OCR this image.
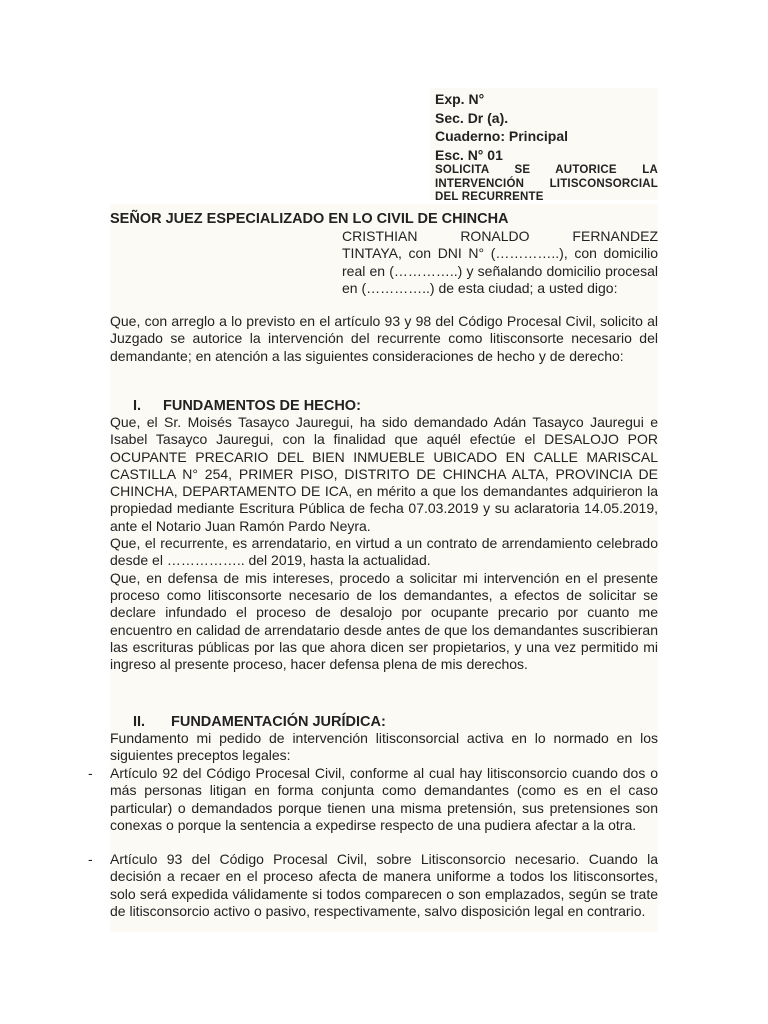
Exp. N°
Sec. Dr (a).
Cuaderno: Principal
Esc. N° 01
SOLICITA SE AUTORICE LA INTERVENCIÓN LITISCONSORCIAL DEL RECURRENTE
SEÑOR JUEZ ESPECIALIZADO EN LO CIVIL DE CHINCHA
CRISTHIAN RONALDO FERNANDEZ
TINTAYA, con DNI N° (…………..), con domicilio real en (…………..) y señalando domicilio procesal en (…………..) de esta ciudad; a usted digo:
Que, con arreglo a lo previsto en el artículo 93 y 98 del Código Procesal Civil, solicito al Juzgado se autorice la intervención del recurrente como litisconsorte necesario del demandante; en atención a las siguientes consideraciones de hecho y de derecho:
I. FUNDAMENTOS DE HECHO:
Que, el Sr. Moisés Tasayco Jauregui, ha sido demandado Adán Tasayco Jauregui e Isabel Tasayco Jauregui, con la finalidad que aquél efectúe el DESALOJO POR OCUPANTE PRECARIO DEL BIEN INMUEBLE UBICADO EN CALLE MARISCAL CASTILLA N° 254, PRIMER PISO, DISTRITO DE CHINCHA ALTA, PROVINCIA DE CHINCHA, DEPARTAMENTO DE ICA, en mérito a que los demandantes adquirieron la propiedad mediante Escritura Pública de fecha 07.03.2019 y su aclaratoria 14.05.2019, ante el Notario Juan Ramón Pardo Neyra.
Que, el recurrente, es arrendatario, en virtud a un contrato de arrendamiento celebrado desde el …………….. del 2019, hasta la actualidad.
Que, en defensa de mis intereses, procedo a solicitar mi intervención en el presente proceso como litisconsorte necesario de los demandantes, a efectos de solicitar se declare infundado el proceso de desalojo por ocupante precario por cuanto me encuentro en calidad de arrendatario desde antes de que los demandantes suscribieran las escrituras públicas por las que ahora dicen ser propietarios, y una vez permitido mi ingreso al presente proceso, hacer defensa plena de mis derechos.
II. FUNDAMENTACIÓN JURÍDICA:
Fundamento mi pedido de intervención litisconsorcial activa en lo normado en los siguientes preceptos legales:
- Artículo 92 del Código Procesal Civil, conforme al cual hay litisconsorcio cuando dos o más personas litigan en forma conjunta como demandantes (como es en el caso particular) o demandados porque tienen una misma pretensión, sus pretensiones son conexas o porque la sentencia a expedirse respecto de una pudiera afectar a la otra.
- Artículo 93 del Código Procesal Civil, sobre Litisconsorcio necesario. Cuando la decisión a recaer en el proceso afecta de manera uniforme a todos los litisconsortes, solo será expedida válidamente si todos comparecen o son emplazados, según se trate de litisconsorcio activo o pasivo, respectivamente, salvo disposición legal en contrario.
